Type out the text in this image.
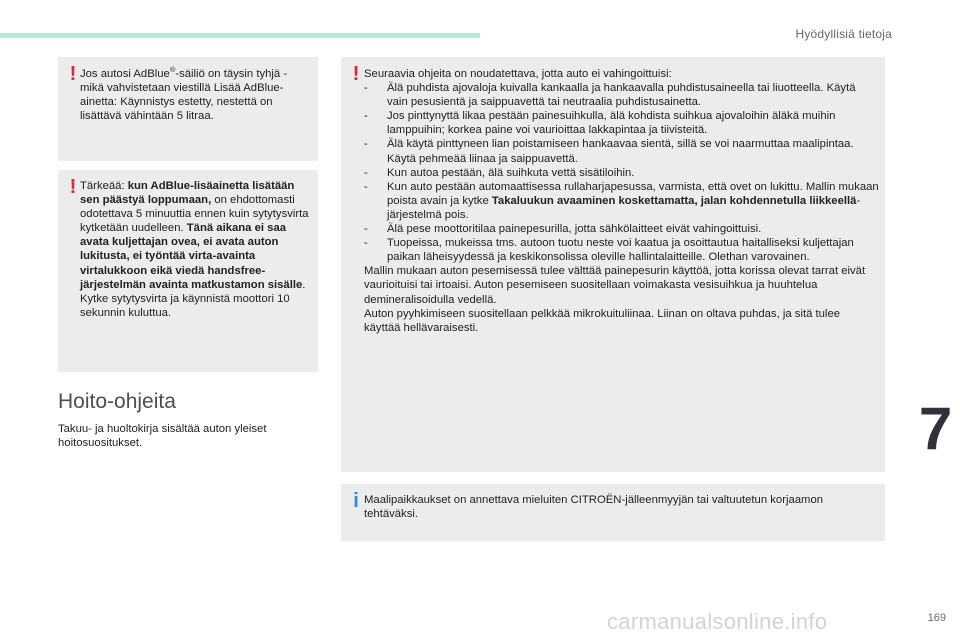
Hyödyllisiä tietoja
! Jos autosi AdBlue®-säiliö on täysin tyhjä - mikä vahvistetaan viestillä Lisää AdBlue-ainetta: Käynnistys estetty, nestettä on lisättävä vähintään 5 litraa.

! Tärkeää: kun AdBlue-lisäainetta lisätään sen päästyä loppumaan, on ehdottomasti odotettava 5 minuuttia ennen kuin sytytysvirta kytketään uudelleen. Tänä aikana ei saa avata kuljettajan ovea, ei avata auton lukitusta, ei työntää virta-avainta virtalukkoon eikä viedä handsfree-järjestelmän avainta matkustamon sisälle.

Kytke sytytysvirta ja käynnistä moottori 10 sekunnin kuluttua.

Hoito-ohjeita
Takuu- ja huoltokirja sisältää auton yleiset hoitosuositukset.
! Seuraavia ohjeita on noudatettava, jotta auto ei vahingoittuisi:

- Älä puhdista ajovaloja kuivalla kankaalla ja hankaavalla puhdistusaineella tai liuotteella. Käytä vain pesusientä ja saippuavettä tai neutraalia puhdistusainetta.

- Jos pinttynyttä likaa pestään painesuihkulla, älä kohdista suihkua ajovaloihin äläkä muihin lamppuihin; korkea paine voi vaurioittaa lakkapintaa ja tiivisteitä.

- Älä käytä pinttyneen lian poistamiseen hankaavaa sientä, sillä se voi naarmuttaa maalipintaa. Käytä pehmeää liinaa ja saippuavettä.

- Kun autoa pestään, älä suihkuta vettä sisätiloihin.

- Kun auto pestään automaattisessa rullaharjapesussa, varmista, että ovet on lukittu. Mallin mukaan poista avain ja kytke Takaluukun avaaminen koskettamatta, jalan kohdennetulla liikkeellä-järjestelmä pois.

- Älä pese moottoritilaa painepesurilla, jotta sähkölaitteet eivät vahingoittuisi.

- Tuopeissa, mukeissa tms. autoon tuotu neste voi kaatua ja osoittautua haitalliseksi kuljettajan paikan läheisyydessä ja keskikonsolissa oleville hallintalaitteille. Olethan varovainen.

Mallin mukaan auton pesemisessä tulee välttää painepesurin käyttöä, jotta korissa olevat tarrat eivät vaurioituisi tai irtoaisi. Auton pesemiseen suositellaan voimakasta vesisuihkua ja huuhtelua demineralisoidulla vedellä.

Auton pyyhkimiseen suositellaan pelkkää mikrokuituliinaa. Liinan on oltava puhdas, ja sitä tulee käyttää hellävaraisesti.

i Maalipaikkaukset on annettava mieluiten CITROËN-jälleenmyyjän tai valtuutetun korjaamon tehtäväksi.
7
carmanualsonline.info	169
